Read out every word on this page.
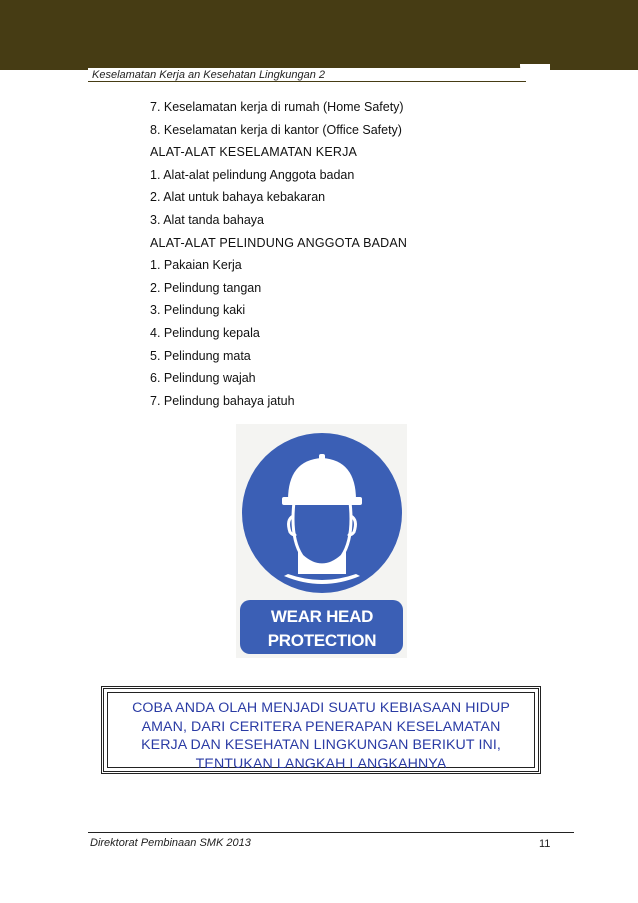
Keselamatan Kerja an Kesehatan Lingkungan 2
7. Keselamatan kerja di rumah (Home Safety)
8. Keselamatan kerja di kantor (Office Safety)
ALAT-ALAT KESELAMATAN KERJA
1. Alat-alat pelindung Anggota badan
2. Alat untuk bahaya kebakaran
3. Alat tanda bahaya
ALAT-ALAT PELINDUNG ANGGOTA BADAN
1. Pakaian Kerja
2. Pelindung tangan
3. Pelindung kaki
4. Pelindung kepala
5. Pelindung mata
6. Pelindung wajah
7. Pelindung bahaya jatuh
WEAR HEAD
PROTECTION
COBA ANDA OLAH MENJADI SUATU KEBIASAAN HIDUP
AMAN, DARI CERITERA PENERAPAN KESELAMATAN
KERJA DAN KESEHATAN LINGKUNGAN BERIKUT INI,
TENTUKAN LANGKAH LANGKAHNYA
Direktorat Pembinaan SMK 2013	11
